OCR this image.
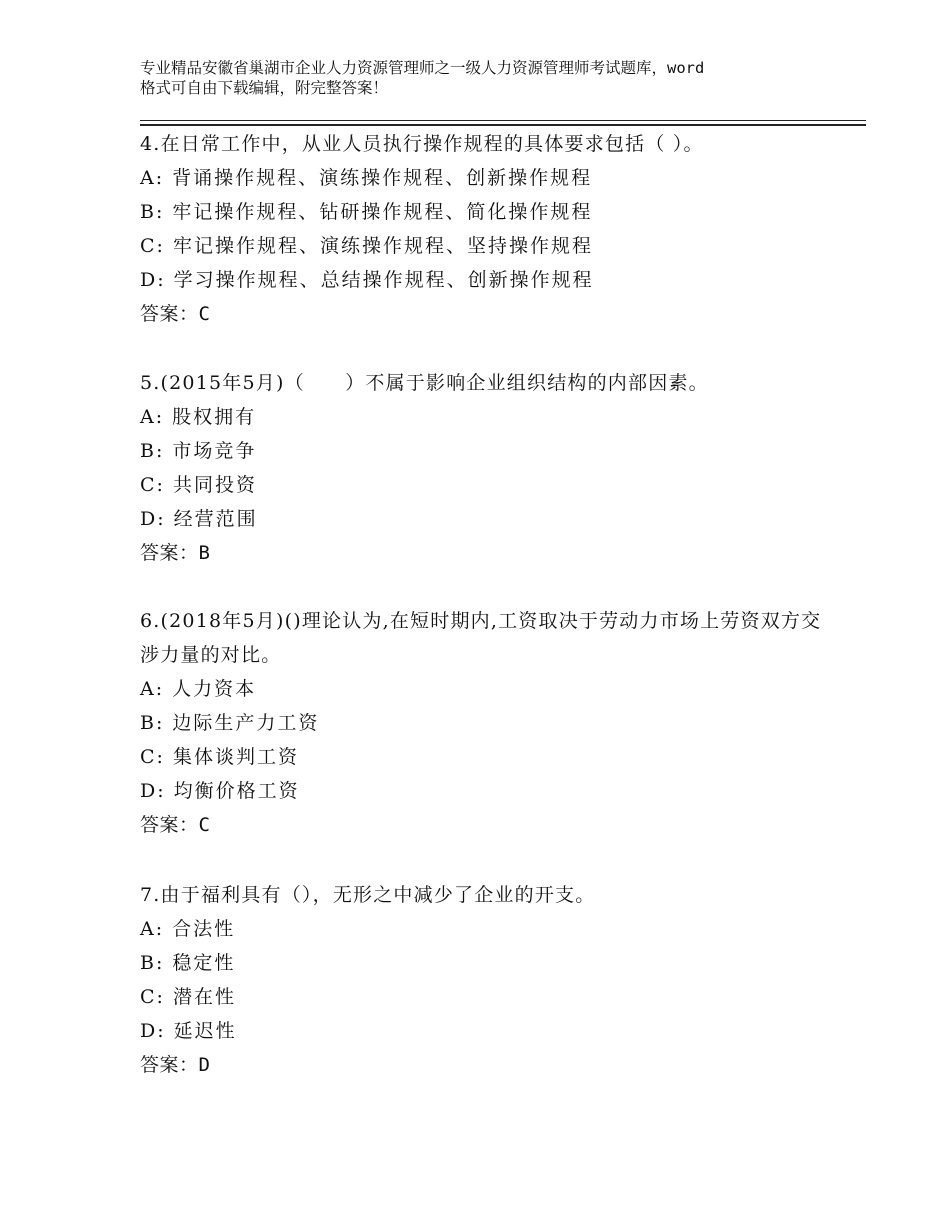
专业精品安徽省巢湖市企业人力资源管理师之一级人力资源管理师考试题库，word
格式可自由下载编辑，附完整答案！

4.在日常工作中，从业人员执行操作规程的具体要求包括（ ）。

A: 背诵操作规程、演练操作规程、创新操作规程

B: 牢记操作规程、钻研操作规程、简化操作规程

C: 牢记操作规程、演练操作规程、坚持操作规程

D: 学习操作规程、总结操作规程、创新操作规程

答案：C

5.(2015年5月)（　　）不属于影响企业组织结构的内部因素。

A: 股权拥有

B: 市场竞争

C: 共同投资

D: 经营范围

答案：B

6.(2018年5月)()理论认为,在短时期内,工资取决于劳动力市场上劳资双方交涉力量的对比。

A: 人力资本

B: 边际生产力工资

C: 集体谈判工资

D: 均衡价格工资

答案：C

7.由于福利具有（），无形之中减少了企业的开支。

A: 合法性

B: 稳定性

C: 潜在性

D: 延迟性

答案：D
